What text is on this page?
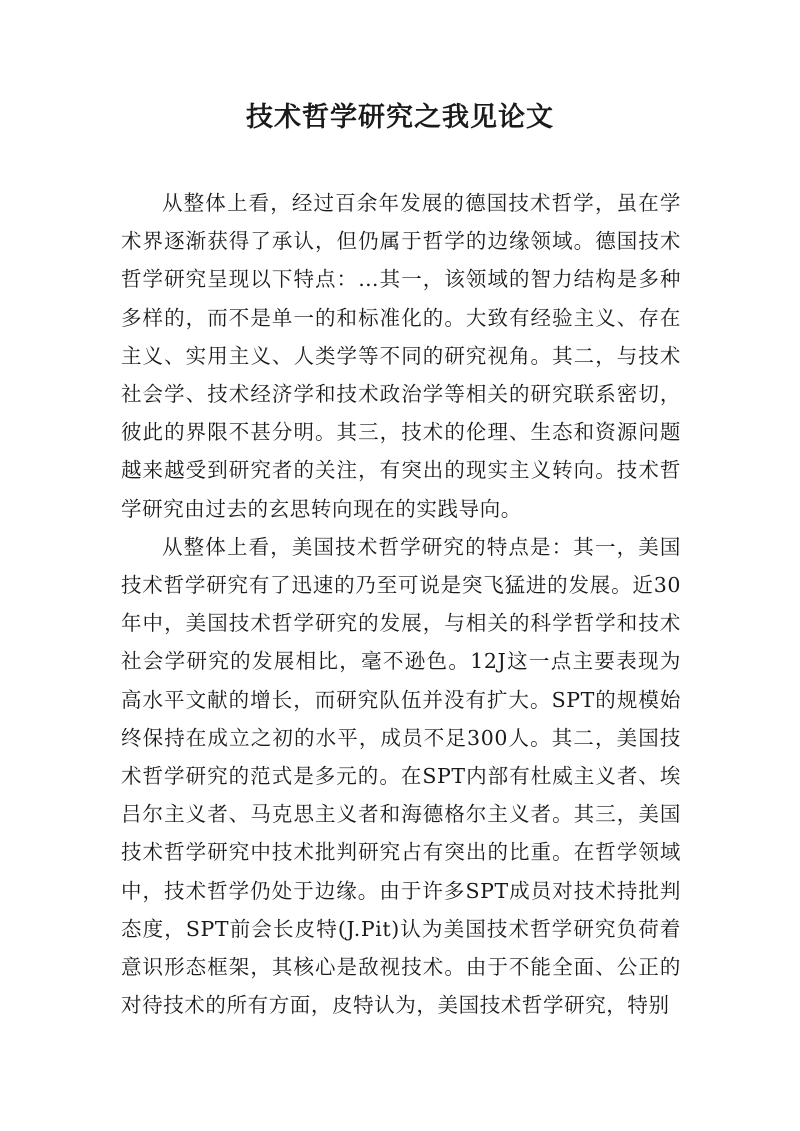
技术哲学研究之我见论文

从整体上看，经过百余年发展的德国技术哲学，虽在学术界逐渐获得了承认，但仍属于哲学的边缘领域。德国技术哲学研究呈现以下特点：…其一，该领域的智力结构是多种多样的，而不是单一的和标准化的。大致有经验主义、存在主义、实用主义、人类学等不同的研究视角。其二，与技术社会学、技术经济学和技术政治学等相关的研究联系密切，彼此的界限不甚分明。其三，技术的伦理、生态和资源问题越来越受到研究者的关注，有突出的现实主义转向。技术哲学研究由过去的玄思转向现在的实践导向。

从整体上看，美国技术哲学研究的特点是：其一，美国技术哲学研究有了迅速的乃至可说是突飞猛进的发展。近30年中，美国技术哲学研究的发展，与相关的科学哲学和技术社会学研究的发展相比，毫不逊色。12J这一点主要表现为高水平文献的增长，而研究队伍并没有扩大。SPT的规模始终保持在成立之初的水平，成员不足300人。其二，美国技术哲学研究的范式是多元的。在SPT内部有杜威主义者、埃吕尔主义者、马克思主义者和海德格尔主义者。其三，美国技术哲学研究中技术批判研究占有突出的比重。在哲学领域中，技术哲学仍处于边缘。由于许多SPT成员对技术持批判态度，SPT前会长皮特(J.Pit)认为美国技术哲学研究负荷着意识形态框架，其核心是敌视技术。由于不能全面、公正的对待技术的所有方面，皮特认为，美国技术哲学研究，特别
